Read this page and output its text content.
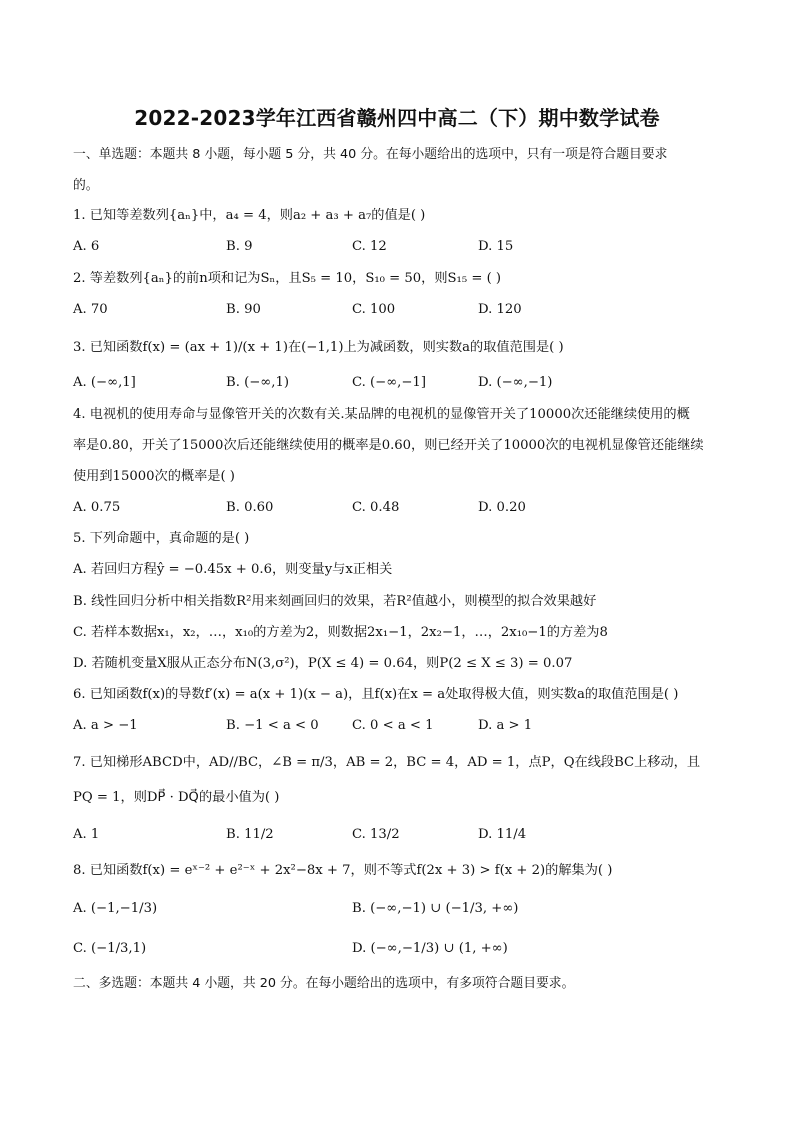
2022-2023学年江西省赣州四中高二（下）期中数学试卷
一、单选题：本题共 8 小题，每小题 5 分，共 40 分。在每小题给出的选项中，只有一项是符合题目要求
的。
1. 已知等差数列{aₙ}中，a₄ = 4，则a₂ + a₃ + a₇的值是( )
A. 6	B. 9	C. 12	D. 15
2. 等差数列{aₙ}的前n项和记为Sₙ，且S₅ = 10，S₁₀ = 50，则S₁₅ = ( )
A. 70	B. 90	C. 100	D. 120
3. 已知函数f(x) = (ax + 1)/(x + 1)在(−1,1)上为减函数，则实数a的取值范围是( )
A. (−∞,1]	B. (−∞,1)	C. (−∞,−1]	D. (−∞,−1)
4. 电视机的使用寿命与显像管开关的次数有关.某品牌的电视机的显像管开关了10000次还能继续使用的概
率是0.80，开关了15000次后还能继续使用的概率是0.60，则已经开关了10000次的电视机显像管还能继续
使用到15000次的概率是( )
A. 0.75	B. 0.60	C. 0.48	D. 0.20
5. 下列命题中，真命题的是( )
A. 若回归方程ŷ = −0.45x + 0.6，则变量y与x正相关
B. 线性回归分析中相关指数R²用来刻画回归的效果，若R²值越小，则模型的拟合效果越好
C. 若样本数据x₁，x₂，…，x₁₀的方差为2，则数据2x₁−1，2x₂−1，…，2x₁₀−1的方差为8
D. 若随机变量X服从正态分布N(3,σ²)，P(X ≤ 4) = 0.64，则P(2 ≤ X ≤ 3) = 0.07
6. 已知函数f(x)的导数f′(x) = a(x + 1)(x − a)，且f(x)在x = a处取得极大值，则实数a的取值范围是( )
A. a > −1	B. −1 < a < 0	C. 0 < a < 1	D. a > 1
7. 已知梯形ABCD中，AD//BC，∠B = π/3，AB = 2，BC = 4，AD = 1，点P，Q在线段BC上移动，且
PQ = 1，则DP⃗ · DQ⃗的最小值为( )
A. 1	B. 11/2	C. 13/2	D. 11/4
8. 已知函数f(x) = eˣ⁻² + e²⁻ˣ + 2x²−8x + 7，则不等式f(2x + 3) > f(x + 2)的解集为( )
A. (−1,−1/3)	B. (−∞,−1) ∪ (−1/3, +∞)
C. (−1/3,1)	D. (−∞,−1/3) ∪ (1, +∞)
二、多选题：本题共 4 小题，共 20 分。在每小题给出的选项中，有多项符合题目要求。
